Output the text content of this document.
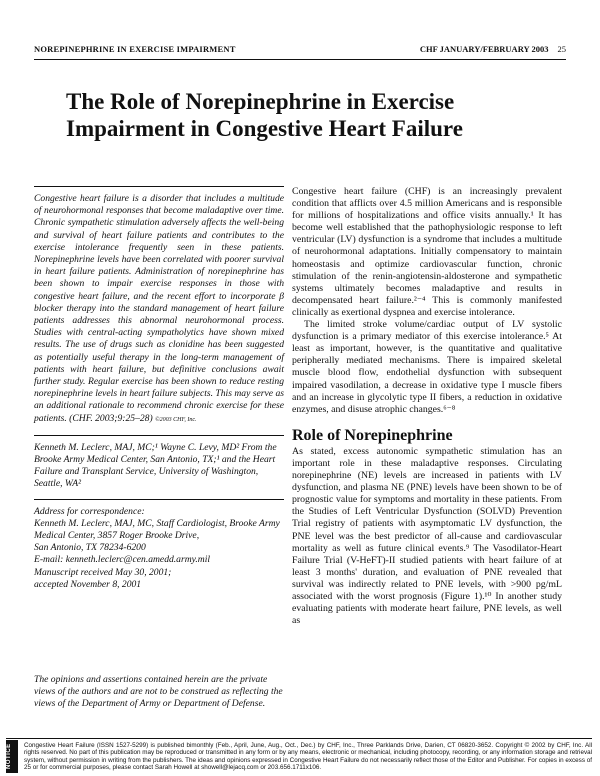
NOREPINEPHRINE IN EXERCISE IMPAIRMENT	CHF JANUARY/FEBRUARY 2003 25
The Role of Norepinephrine in Exercise Impairment in Congestive Heart Failure

Congestive heart failure is a disorder that includes a multitude of neurohormonal responses that become maladaptive over time. Chronic sympathetic stimulation adversely affects the well-being and survival of heart failure patients and contributes to the exercise intolerance frequently seen in these patients. Norepinephrine levels have been correlated with poorer survival in heart failure patients. Administration of norepinephrine has been shown to impair exercise responses in those with congestive heart failure, and the recent effort to incorporate β blocker therapy into the standard management of heart failure patients addresses this abnormal neurohormonal process. Studies with central-acting sympatholytics have shown mixed results. The use of drugs such as clonidine has been suggested as potentially useful therapy in the long-term management of patients with heart failure, but definitive conclusions await further study. Regular exercise has been shown to reduce resting norepinephrine levels in heart failure subjects. This may serve as an additional rationale to recommend chronic exercise for these patients. (CHF. 2003;9:25–28) ©2003 CHF, Inc.

Kenneth M. Leclerc, MAJ, MC;¹ Wayne C. Levy, MD² From the Brooke Army Medical Center, San Antonio, TX;¹ and the Heart Failure and Transplant Service, University of Washington, Seattle, WA²

Address for correspondence:

Kenneth M. Leclerc, MAJ, MC, Staff Cardiologist, Brooke Army Medical Center, 3857 Roger Brooke Drive,

San Antonio, TX 78234-6200

E-mail: kenneth.leclerc@cen.amedd.army.mil

Manuscript received May 30, 2001;

accepted November 8, 2001

The opinions and assertions contained herein are the private views of the authors and are not to be construed as reflecting the views of the Department of Army or Department of Defense.

Congestive heart failure (CHF) is an increasingly prevalent condition that afflicts over 4.5 million Americans and is responsible for millions of hospitalizations and office visits annually.¹ It has become well established that the pathophysiologic response to left ventricular (LV) dysfunction is a syndrome that includes a multitude of neurohormonal adaptations. Initially compensatory to maintain homeostasis and optimize cardiovascular function, chronic stimulation of the renin-angiotensin-aldosterone and sympathetic systems ultimately becomes maladaptive and results in decompensated heart failure.²⁻⁴ This is commonly manifested clinically as exertional dyspnea and exercise intolerance.

The limited stroke volume/cardiac output of LV systolic dysfunction is a primary mediator of this exercise intolerance.⁵ At least as important, however, is the quantitative and qualitative peripherally mediated mechanisms. There is impaired skeletal muscle blood flow, endothelial dysfunction with subsequent impaired vasodilation, a decrease in oxidative type I muscle fibers and an increase in glycolytic type II fibers, a reduction in oxidative enzymes, and disuse atrophic changes.⁶⁻⁸

Role of Norepinephrine

As stated, excess autonomic sympathetic stimulation has an important role in these maladaptive responses. Circulating norepinephrine (NE) levels are increased in patients with LV dysfunction, and plasma NE (PNE) levels have been shown to be of prognostic value for symptoms and mortality in these patients. From the Studies of Left Ventricular Dysfunction (SOLVD) Prevention Trial registry of patients with asymptomatic LV dysfunction, the PNE level was the best predictor of all-cause and cardiovascular mortality as well as future clinical events.⁹ The Vasodilator-Heart Failure Trial (V-HeFT)-II studied patients with heart failure of at least 3 months' duration, and evaluation of PNE revealed that survival was indirectly related to PNE levels, with >900 pg/mL associated with the worst prognosis (Figure 1).¹⁰ In another study evaluating patients with moderate heart failure, PNE levels, as well as

NOTICE	Congestive Heart Failure (ISSN 1527-5299) is published bimonthly (Feb., April, June, Aug., Oct., Dec.) by CHF, Inc., Three Parklands Drive, Darien, CT 06820-3652. Copyright © 2002 by CHF, Inc. All rights reserved. No part of this publication may be reproduced or transmitted in any form or by any means, electronic or mechanical, including photocopy, recording, or any information storage and retrieval system, without permission in writing from the publishers. The ideas and opinions expressed in Congestive Heart Failure do not necessarily reflect those of the Editor and Publisher. For copies in excess of 25 or for commercial purposes, please contact Sarah Howell at showell@lejacq.com or 203.656.1711x106.
